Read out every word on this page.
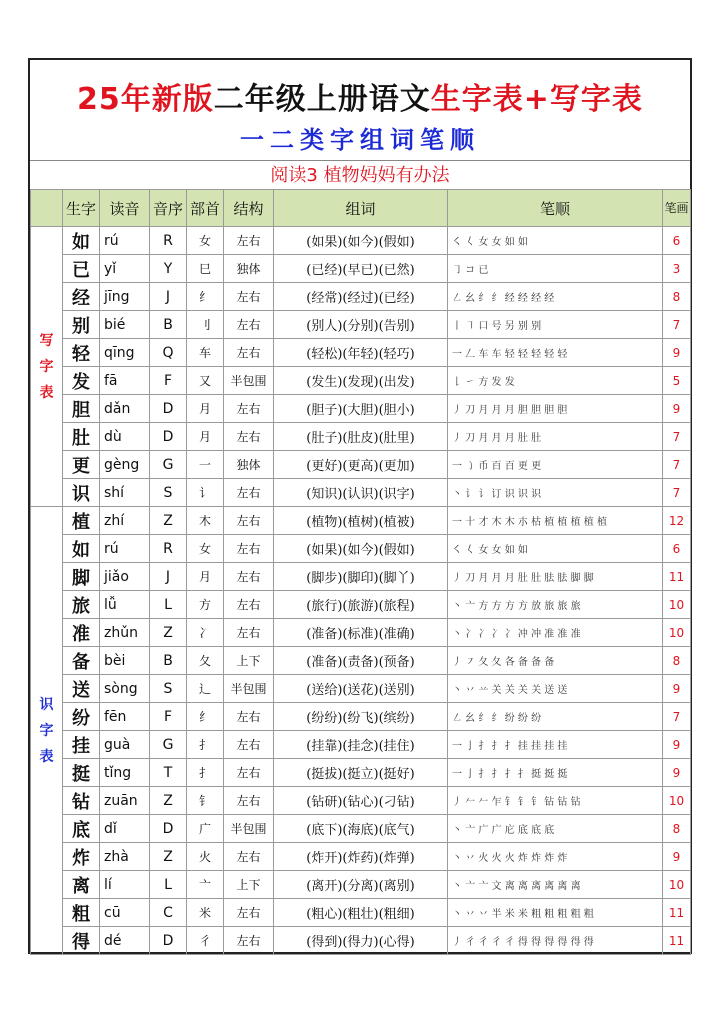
25年新版二年级上册语文生字表+写字表
一二类字组词笔顺
阅读3 植物妈妈有办法
	生字	读音	音序	部首	结构	组词	笔顺	笔画

写
字
表	如	rú	R	女	左右	(如果)(如今)(假如)	㇛ 𡿨 女 女 如 如	6
	已	yǐ	Y	巳	独体	(已经)(早已)(已然)	㇆ コ 已	3
	经	jīng	J	纟	左右	(经常)(经过)(已经)	㇜ 幺 纟 纟 经 经 经 经	8
	别	bié	B	刂	左右	(别人)(分别)(告别)	丨 ㇕ 口 号 另 别 别	7
	轻	qīng	Q	车	左右	(轻松)(年轻)(轻巧)	一 𠃋 车 车 轻 轻 轻 轻 轻	9
	发	fā	F	又	半包围	(发生)(发现)(出发)	𠄌 ㇀ 方 发 发	5
	胆	dǎn	D	月	左右	(胆子)(大胆)(胆小)	丿 刀 月 月 月 胆 胆 胆 胆	9
	肚	dù	D	月	左右	(肚子)(肚皮)(肚里)	丿 刀 月 月 月 肚 肚	7
	更	gèng	G	一	独体	(更好)(更高)(更加)	一 ㇁ 币 百 百 更 更	7
	识	shí	S	讠	左右	(知识)(认识)(识字)	丶 讠 讠 订 识 识 识	7

识
字
表	植	zhí	Z	木	左右	(植物)(植树)(植被)	一 十 才 木 木 朩 枯 植 植 植 植 植	12
	如	rú	R	女	左右	(如果)(如今)(假如)	㇛ 𡿨 女 女 如 如	6
	脚	jiǎo	J	月	左右	(脚步)(脚印)(脚丫)	丿 刀 月 月 月 肚 肚 胠 胠 脚 脚	11
	旅	lǚ	L	方	左右	(旅行)(旅游)(旅程)	丶 亠 方 方 方 方 放 旅 旅 旅	10
	准	zhǔn	Z	冫	左右	(准备)(标准)(准确)	丶 冫 冫 冫 冫 冲 冲 准 准 准	10
	备	bèi	B	夂	上下	(准备)(责备)(预备)	丿 ㇇ 夂 夂 各 备 备 备	8
	送	sòng	S	辶	半包围	(送给)(送花)(送别)	丶 丷 䒑 关 关 关 关 送 送	9
	纷	fēn	F	纟	左右	(纷纷)(纷飞)(缤纷)	㇜ 幺 纟 纟 纷 纷 纷	7
	挂	guà	G	扌	左右	(挂靠)(挂念)(挂住)	一 亅 扌 扌 扌 挂 挂 挂 挂	9
	挺	tǐng	T	扌	左右	(挺拔)(挺立)(挺好)	一 亅 扌 扌 扌 扌 挺 挺 挺	9
	钻	zuān	Z	钅	左右	(钻研)(钻心)(刁钻)	丿 𠂉 𠂉 乍 钅 钅 钅 钻 钻 钻	10
	底	dǐ	D	广	半包围	(底下)(海底)(底气)	丶 亠 广 广 庀 底 底 底	8
	炸	zhà	Z	火	左右	(炸开)(炸药)(炸弹)	丶 丷 火 火 火 炸 炸 炸 炸	9
	离	lí	L	亠	上下	(离开)(分离)(离别)	丶 亠 亠 文 离 离 离 离 离 离	10
	粗	cū	C	米	左右	(粗心)(粗壮)(粗细)	丶 丷 丷 半 米 米 粗 粗 粗 粗 粗	11
	得	dé	D	彳	左右	(得到)(得力)(心得)	丿 彳 彳 彳 彳 得 得 得 得 得 得	11
